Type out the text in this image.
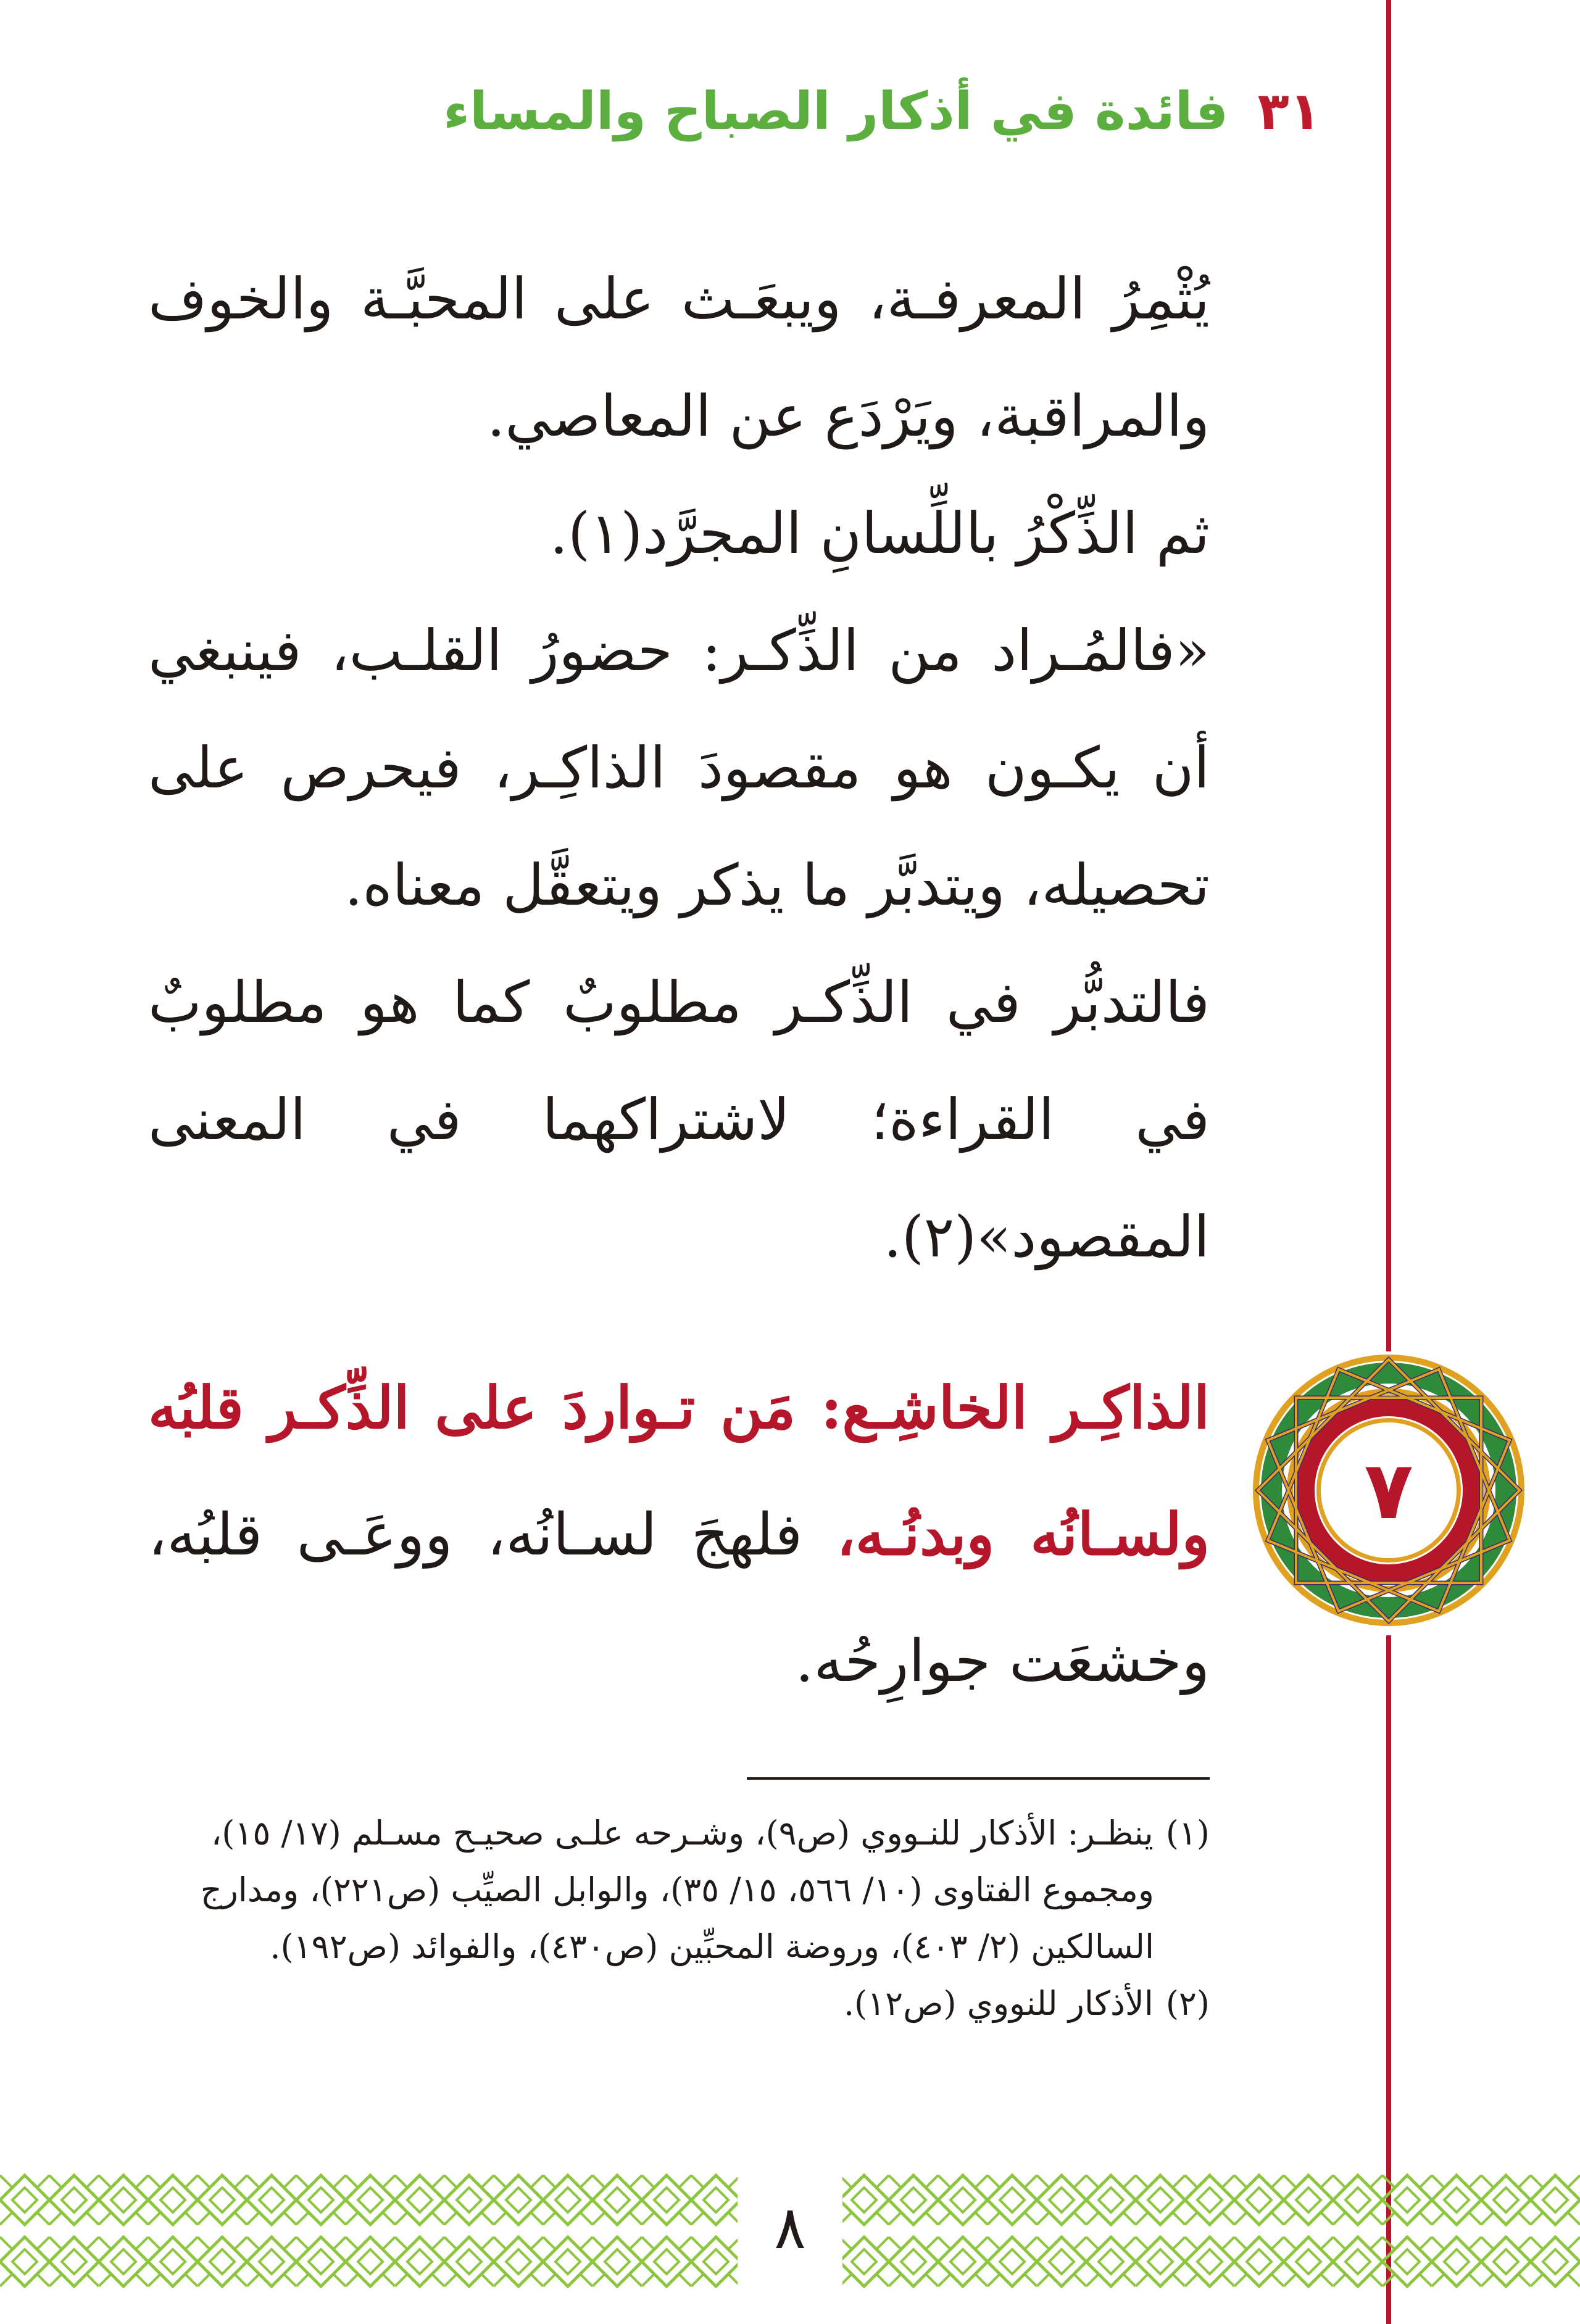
٣١ فائدة في أذكار الصباح والمساء
٧

يُثْمِرُ المعرفـة، ويبعَـث على المحبَّـة والخوف والمراقبة، ويَرْدَع عن المعاصي.

ثم الذِّكْرُ باللِّسانِ المجرَّد(١).

«فالمُـراد من الذِّكـر: حضورُ القلـب، فينبغي أن يكـون هو مقصودَ الذاكِـر، فيحرص على تحصيله، ويتدبَّر ما يذكر ويتعقَّل معناه.

فالتدبُّر في الذِّكـر مطلوبٌ كما هو مطلوبٌ في القراءة؛ لاشتراكهما في المعنى المقصود»(٢).

الذاكِـر الخاشِـع: مَن تـواردَ على الذِّكـر قلبُه ولسـانُه وبدنُـه، فلهجَ لسـانُه، ووعَـى قلبُه، وخشعَت جوارِحُه.

(١)ينظـر: الأذكار للنـووي (ص٩)، وشـرحه علـى صحيـح مسـلم (١٧/ ١٥)،

ومجموع الفتاوى (١٠/ ٥٦٦، ١٥/ ٣٥)، والوابل الصيِّب (ص٢٢١)، ومدارج

السالكين (٢/ ٤٠٣)، وروضة المحبِّين (ص٤٣٠)، والفوائد (ص١٩٢).

(٢)الأذكار للنووي (ص١٢).

٨
